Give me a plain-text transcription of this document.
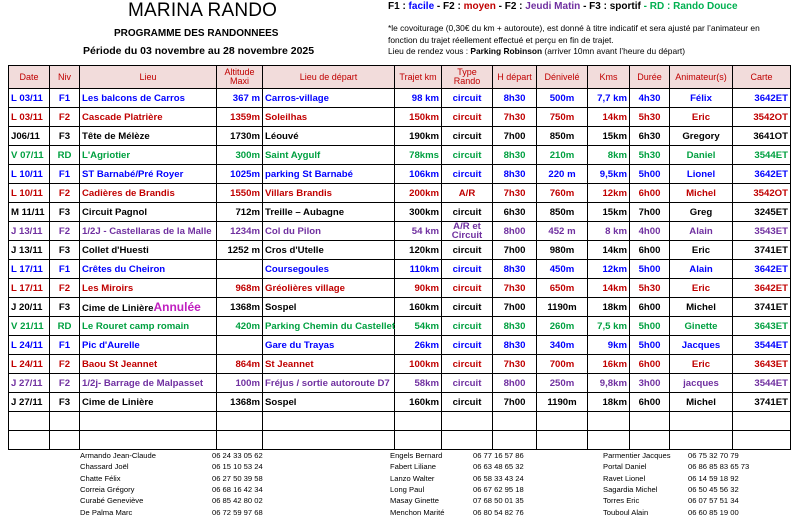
MARINA RANDO
PROGRAMME DES RANDONNEES
Période du 03 novembre au 28 novembre 2025
F1 : facile - F2 : moyen - F2 : Jeudi Matin - F3 : sportif - RD : Rando Douce
*le covoiturage (0,30€ du km + autoroute), est donné à titre indicatif et sera ajusté par l’animateur en fonction du trajet réellement effectué et perçu en fin de trajet.
Lieu de rendez vous : Parking Robinson (arriver 10mn avant l’heure du départ)
Date	Niv	Lieu	Altitude Maxi	Lieu de départ	Trajet km	Type Rando	H départ	Dénivelé	Kms	Durée	Animateur(s)	Carte
L 03/11	F1	Les balcons de Carros	367 m	Carros-village	98 km	circuit	8h30	500m	7,7 km	4h30	Félix	3642ET
L 03/11	F2	Cascade Platrière	1359m	Soleilhas	150km	circuit	7h30	750m	14km	5h30	Eric	3542OT
J06/11	F3	Tête de Mélèze	1730m	Léouvé	190km	circuit	7h00	850m	15km	6h30	Gregory	3641OT
V 07/11	RD	L'Agriotier	300m	Saint Aygulf	78kms	circuit	8h30	210m	8km	5h30	Daniel	3544ET
L 10/11	F1	ST Barnabé/Pré Royer	1025m	parking St Barnabé	106km	circuit	8h30	220 m	9,5km	5h00	Lionel	3642ET
L 10/11	F2	Cadières de Brandis	1550m	Villars Brandis	200km	A/R	7h30	760m	12km	6h00	Michel	3542OT
M 11/11	F3	Circuit Pagnol	712m	Treille – Aubagne	300km	circuit	6h30	850m	15km	7h00	Greg	3245ET
J 13/11	F2	1/2J - Castellaras de la Malle	1234m	Col du Pilon	54 km	A/R et Circuit	8h00	452 m	8 km	4h00	Alain	3543ET
J 13/11	F3	Collet d'Huesti	1252 m	Cros d'Utelle	120km	circuit	7h00	980m	14km	6h00	Eric	3741ET
L 17/11	F1	Crêtes du Cheiron		Coursegoules	110km	circuit	8h30	450m	12km	5h00	Alain	3642ET
L 17/11	F2	Les Miroirs	968m	Gréolières village	90km	circuit	7h30	650m	14km	5h30	Eric	3642ET
J 20/11	F3	Cime de LinièreAnnulée	1368m	Sospel	160km	circuit	7h00	1190m	18km	6h00	Michel	3741ET
V 21/11	RD	Le Rouret camp romain	420m	Parking Chemin du Castellet	54km	circuit	8h30	260m	7,5 km	5h00	Ginette	3643ET
L 24/11	F1	Pic d'Aurelle		Gare du Trayas	26km	circuit	8h30	340m	9km	5h00	Jacques	3544ET
L 24/11	F2	Baou St Jeannet	864m	St Jeannet	100km	circuit	7h30	700m	16km	6h00	Eric	3643ET
J 27/11	F2	1/2j- Barrage de Malpasset	100m	Fréjus / sortie autoroute D7	58km	circuit	8h00	250m	9,8km	3h00	jacques	3544ET
J 27/11	F3	Cime de Linière	1368m	Sospel	160km	circuit	7h00	1190m	18km	6h00	Michel	3741ET

Armando Jean-Claude	06 24 33 05 62
Chassard Joël	06 15 10 53 24
Chatte Félix	06 27 50 39 58
Correia Grégory	06 68 16 42 34
Curabé Geneviève	06 85 42 80 02
De Palma Marc	06 72 59 97 68
Engels Bernard	06 77 16 57 86
Fabert Liliane	06 63 48 65 32
Lanzo Walter	06 58 33 43 24
Long Paul	06 67 62 95 18
Masay Ginette	07 68 50 01 35
Menchon Marité	06 80 54 82 76
Parmentier Jacques 06 75 32 70 79
Portal Daniel	06 86 85 83 65 73
Ravet Lionel	06 14 59 18 92
Sagardia Michel	06 50 45 56 32
Torres Eric	06 07 57 51 34
Touboul Alain	06 60 85 19 00
